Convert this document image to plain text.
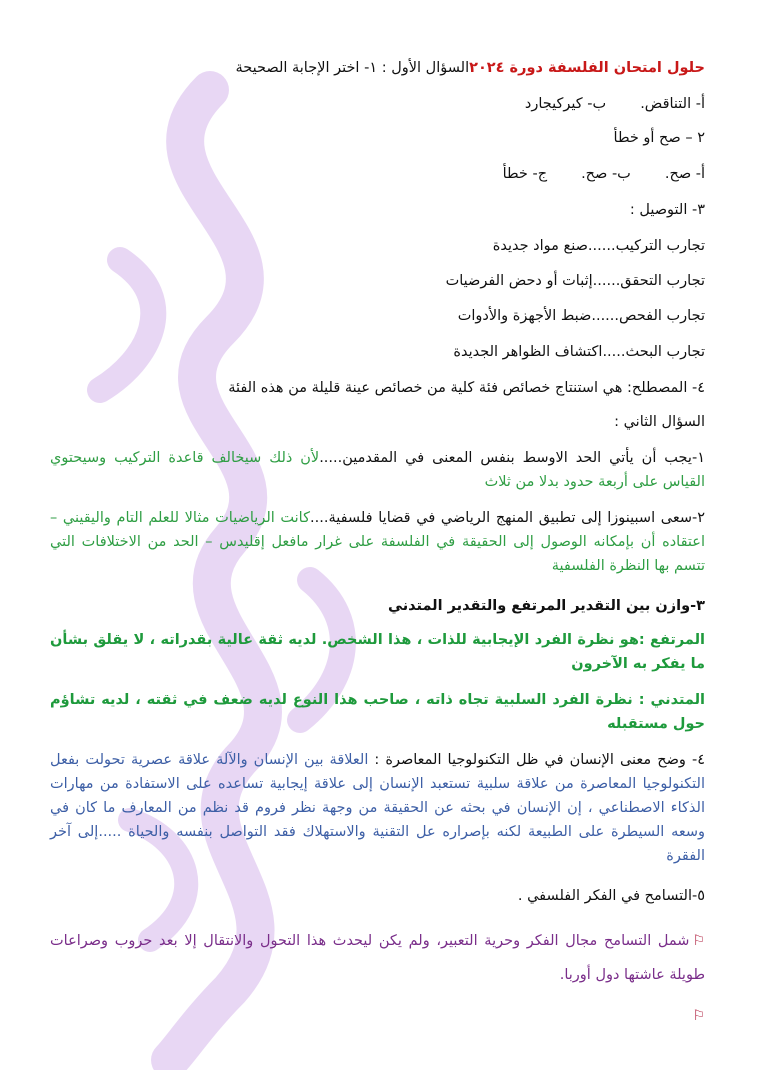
حلول امتحان الفلسفة دورة ٢٠٢٤السؤال الأول : ١- اختر الإجابة الصحيحة
أ- التناقض.ب- كيركيجارد
٢ – صح أو خطأ
أ- صح.ب- صح.ج- خطأ
٣- التوصيل :
تجارب التركيب......صنع مواد جديدة
تجارب التحقق......إثبات أو دحض الفرضيات
تجارب الفحص......ضبط الأجهزة والأدوات
تجارب البحث.....اكتشاف الظواهر الجديدة
٤- المصطلح: هي استنتاج خصائص فئة كلية من خصائص عينة قليلة من هذه الفئة
السؤال الثاني :
١-يجب أن يأتي الحد الاوسط بنفس المعنى في المقدمين.....لأن ذلك سيخالف قاعدة التركيب وسيحتوي القياس على أربعة حدود بدلا من ثلاث
٢-سعى اسبينوزا إلى تطبيق المنهج الرياضي في قضايا فلسفية....كانت الرياضيات مثالا للعلم التام واليقيني – اعتقاده أن بإمكانه الوصول إلى الحقيقة في الفلسفة على غرار مافعل إقليدس – الحد من الاختلافات التي تتسم بها النظرة الفلسفية
٣-وازن بين التقدير المرتفع والتقدير المتدني
المرتفع :هو نظرة الفرد الإيجابية للذات ، هذا الشخص. لديه ثقة عالية بقدراته ، لا يقلق بشأن ما يفكر به الآخرون
المتدني : نظرة الفرد السلبية تجاه ذاته ، صاحب هذا النوع لديه ضعف في ثقته ، لديه تشاؤم حول مستقبله
٤- وضح معنى الإنسان في ظل التكنولوجيا المعاصرة : العلاقة بين الإنسان والآلة علاقة عصرية تحولت بفعل التكنولوجيا المعاصرة من علاقة سلبية تستعبد الإنسان إلى علاقة إيجابية تساعده على الاستفادة من مهارات الذكاء الاصطناعي ، إن الإنسان في بحثه عن الحقيقة من وجهة نظر فروم قد نظم من المعارف ما كان في وسعه السيطرة على الطبيعة لكنه بإصراره عل التقنية والاستهلاك فقد التواصل بنفسه والحياة .....إلى آخر الفقرة
٥-التسامح في الفكر الفلسفي .
⚐شمل التسامح مجال الفكر وحرية التعبير، ولم يكن ليحدث هذا التحول والانتقال إلا بعد حروب وصراعات طويلة عاشتها دول أوربا.
⚐
